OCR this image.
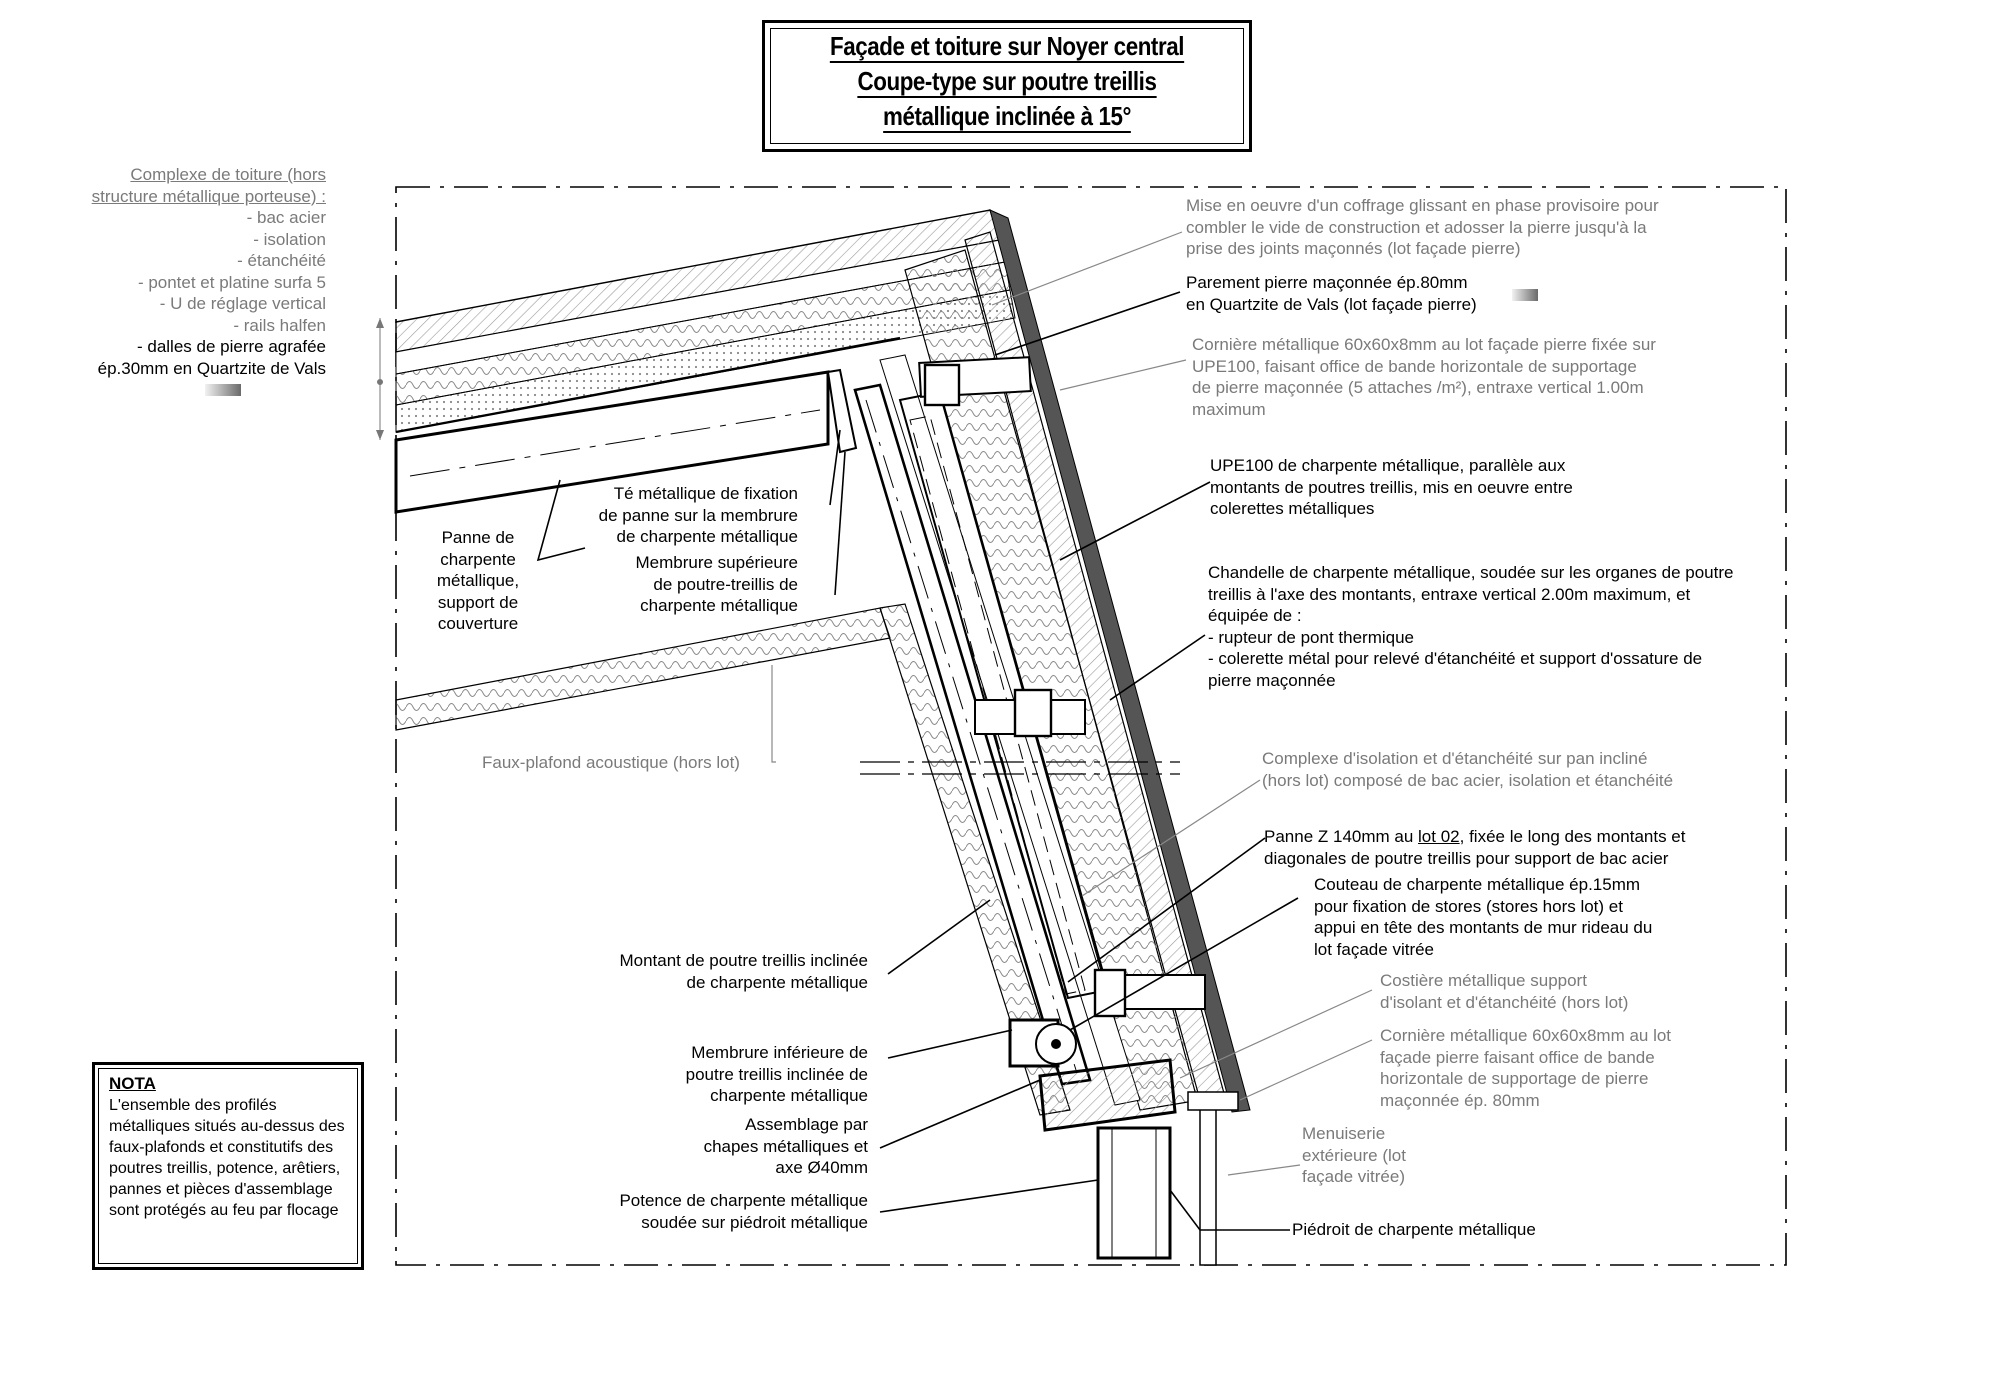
Façade et toiture sur Noyer central
Coupe-type sur poutre treillis
métallique inclinée à 15°
Complexe de toiture (hors
structure métallique porteuse) :
- bac acier
- isolation
- étanchéité
- pontet et platine surfa 5
- U de réglage vertical
- rails halfen
- dalles de pierre agrafée
ép.30mm en Quartzite de Vals
Mise en oeuvre d'un coffrage glissant en phase provisoire pour
combler le vide de construction et adosser la pierre jusqu'à la
prise des joints maçonnés (lot façade pierre)
Parement pierre maçonnée ép.80mm
en Quartzite de Vals (lot façade pierre)
Cornière métallique 60x60x8mm au lot façade pierre fixée sur
UPE100, faisant office de bande horizontale de supportage
de pierre maçonnée (5 attaches /m²), entraxe vertical 1.00m
maximum
UPE100 de charpente métallique, parallèle aux
montants de poutres treillis, mis en oeuvre entre
colerettes métalliques
Chandelle de charpente métallique, soudée sur les organes de poutre
treillis à l'axe des montants, entraxe vertical 2.00m maximum, et
équipée de :
- rupteur de pont thermique
- colerette métal pour relevé d'étanchéité et support d'ossature de
pierre maçonnée
Complexe d'isolation et d'étanchéité sur pan incliné
(hors lot) composé de bac acier, isolation et étanchéité
Panne Z 140mm au lot 02, fixée le long des montants et
diagonales de poutre treillis pour support de bac acier
Couteau de charpente métallique ép.15mm
pour fixation de stores (stores hors lot) et
appui en tête des montants de mur rideau du
lot façade vitrée
Costière métallique support
d'isolant et d'étanchéité (hors lot)
Cornière métallique 60x60x8mm au lot
façade pierre faisant office de bande
horizontale de supportage de pierre
maçonnée ép. 80mm
Menuiserie
extérieure (lot
façade vitrée)
Piédroit de charpente métallique
Té métallique de fixation
de panne sur la membrure
de charpente métallique
Membrure supérieure
de poutre-treillis de
charpente métallique
Panne de
charpente
métallique,
support de
couverture
Faux-plafond acoustique (hors lot)
Montant de poutre treillis inclinée
de charpente métallique
Membrure inférieure de
poutre treillis inclinée de
charpente métallique
Assemblage par
chapes métalliques et
axe Ø40mm
Potence de charpente métallique
soudée sur piédroit métallique
NOTA
L'ensemble des profilés métalliques situés au-dessus des faux-plafonds et constitutifs des poutres treillis, potence, arêtiers, pannes et pièces d'assemblage sont protégés au feu par flocage
